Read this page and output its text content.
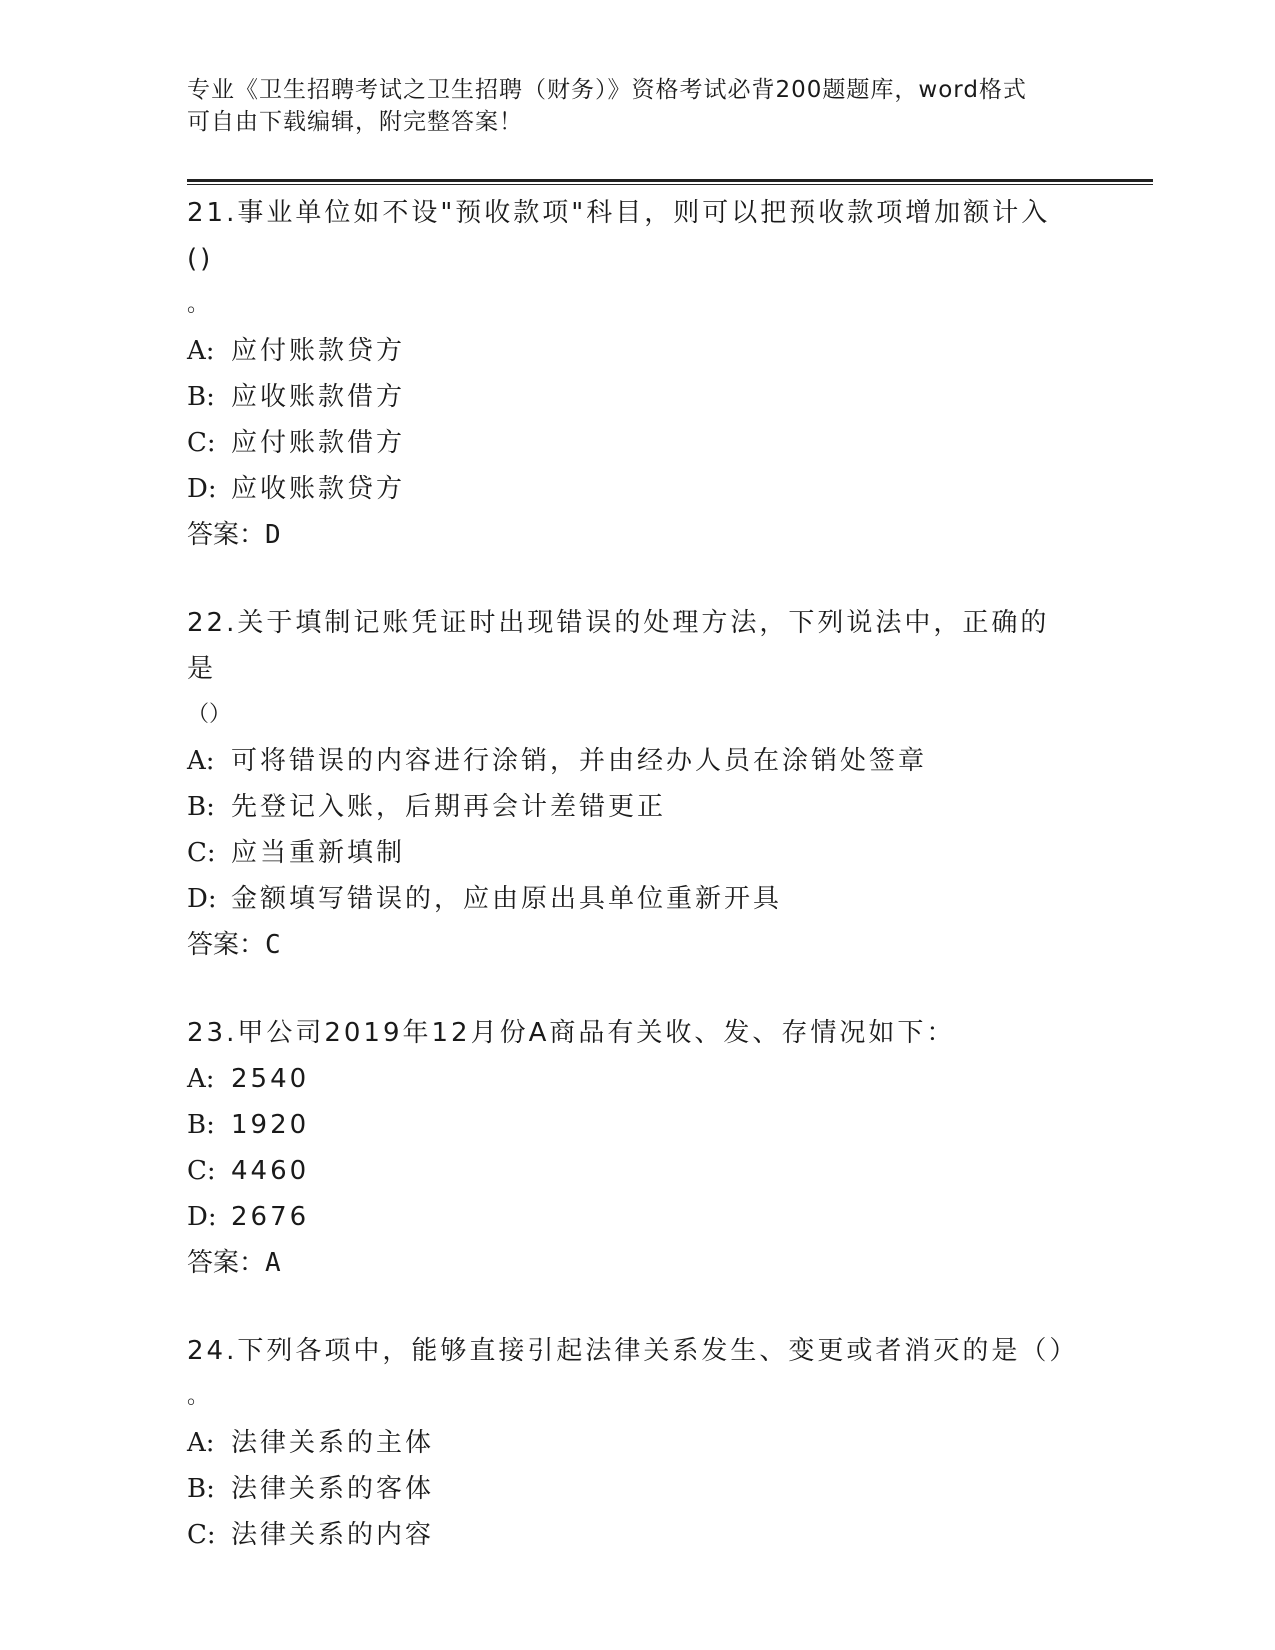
专业《卫生招聘考试之卫生招聘（财务）》资格考试必背200题题库，word格式
可自由下载编辑，附完整答案！
21.事业单位如不设"预收款项"科目，则可以把预收款项增加额计入()
。
A: 应付账款贷方
B: 应收账款借方
C: 应付账款借方
D: 应收账款贷方
答案：D
22.关于填制记账凭证时出现错误的处理方法，下列说法中，正确的是
（）
A: 可将错误的内容进行涂销，并由经办人员在涂销处签章
B: 先登记入账，后期再会计差错更正
C: 应当重新填制
D: 金额填写错误的，应由原出具单位重新开具
答案：C
23.甲公司2019年12月份A商品有关收、发、存情况如下：
A: 2540
B: 1920
C: 4460
D: 2676
答案：A
24.下列各项中，能够直接引起法律关系发生、变更或者消灭的是（）
。
A: 法律关系的主体
B: 法律关系的客体
C: 法律关系的内容
